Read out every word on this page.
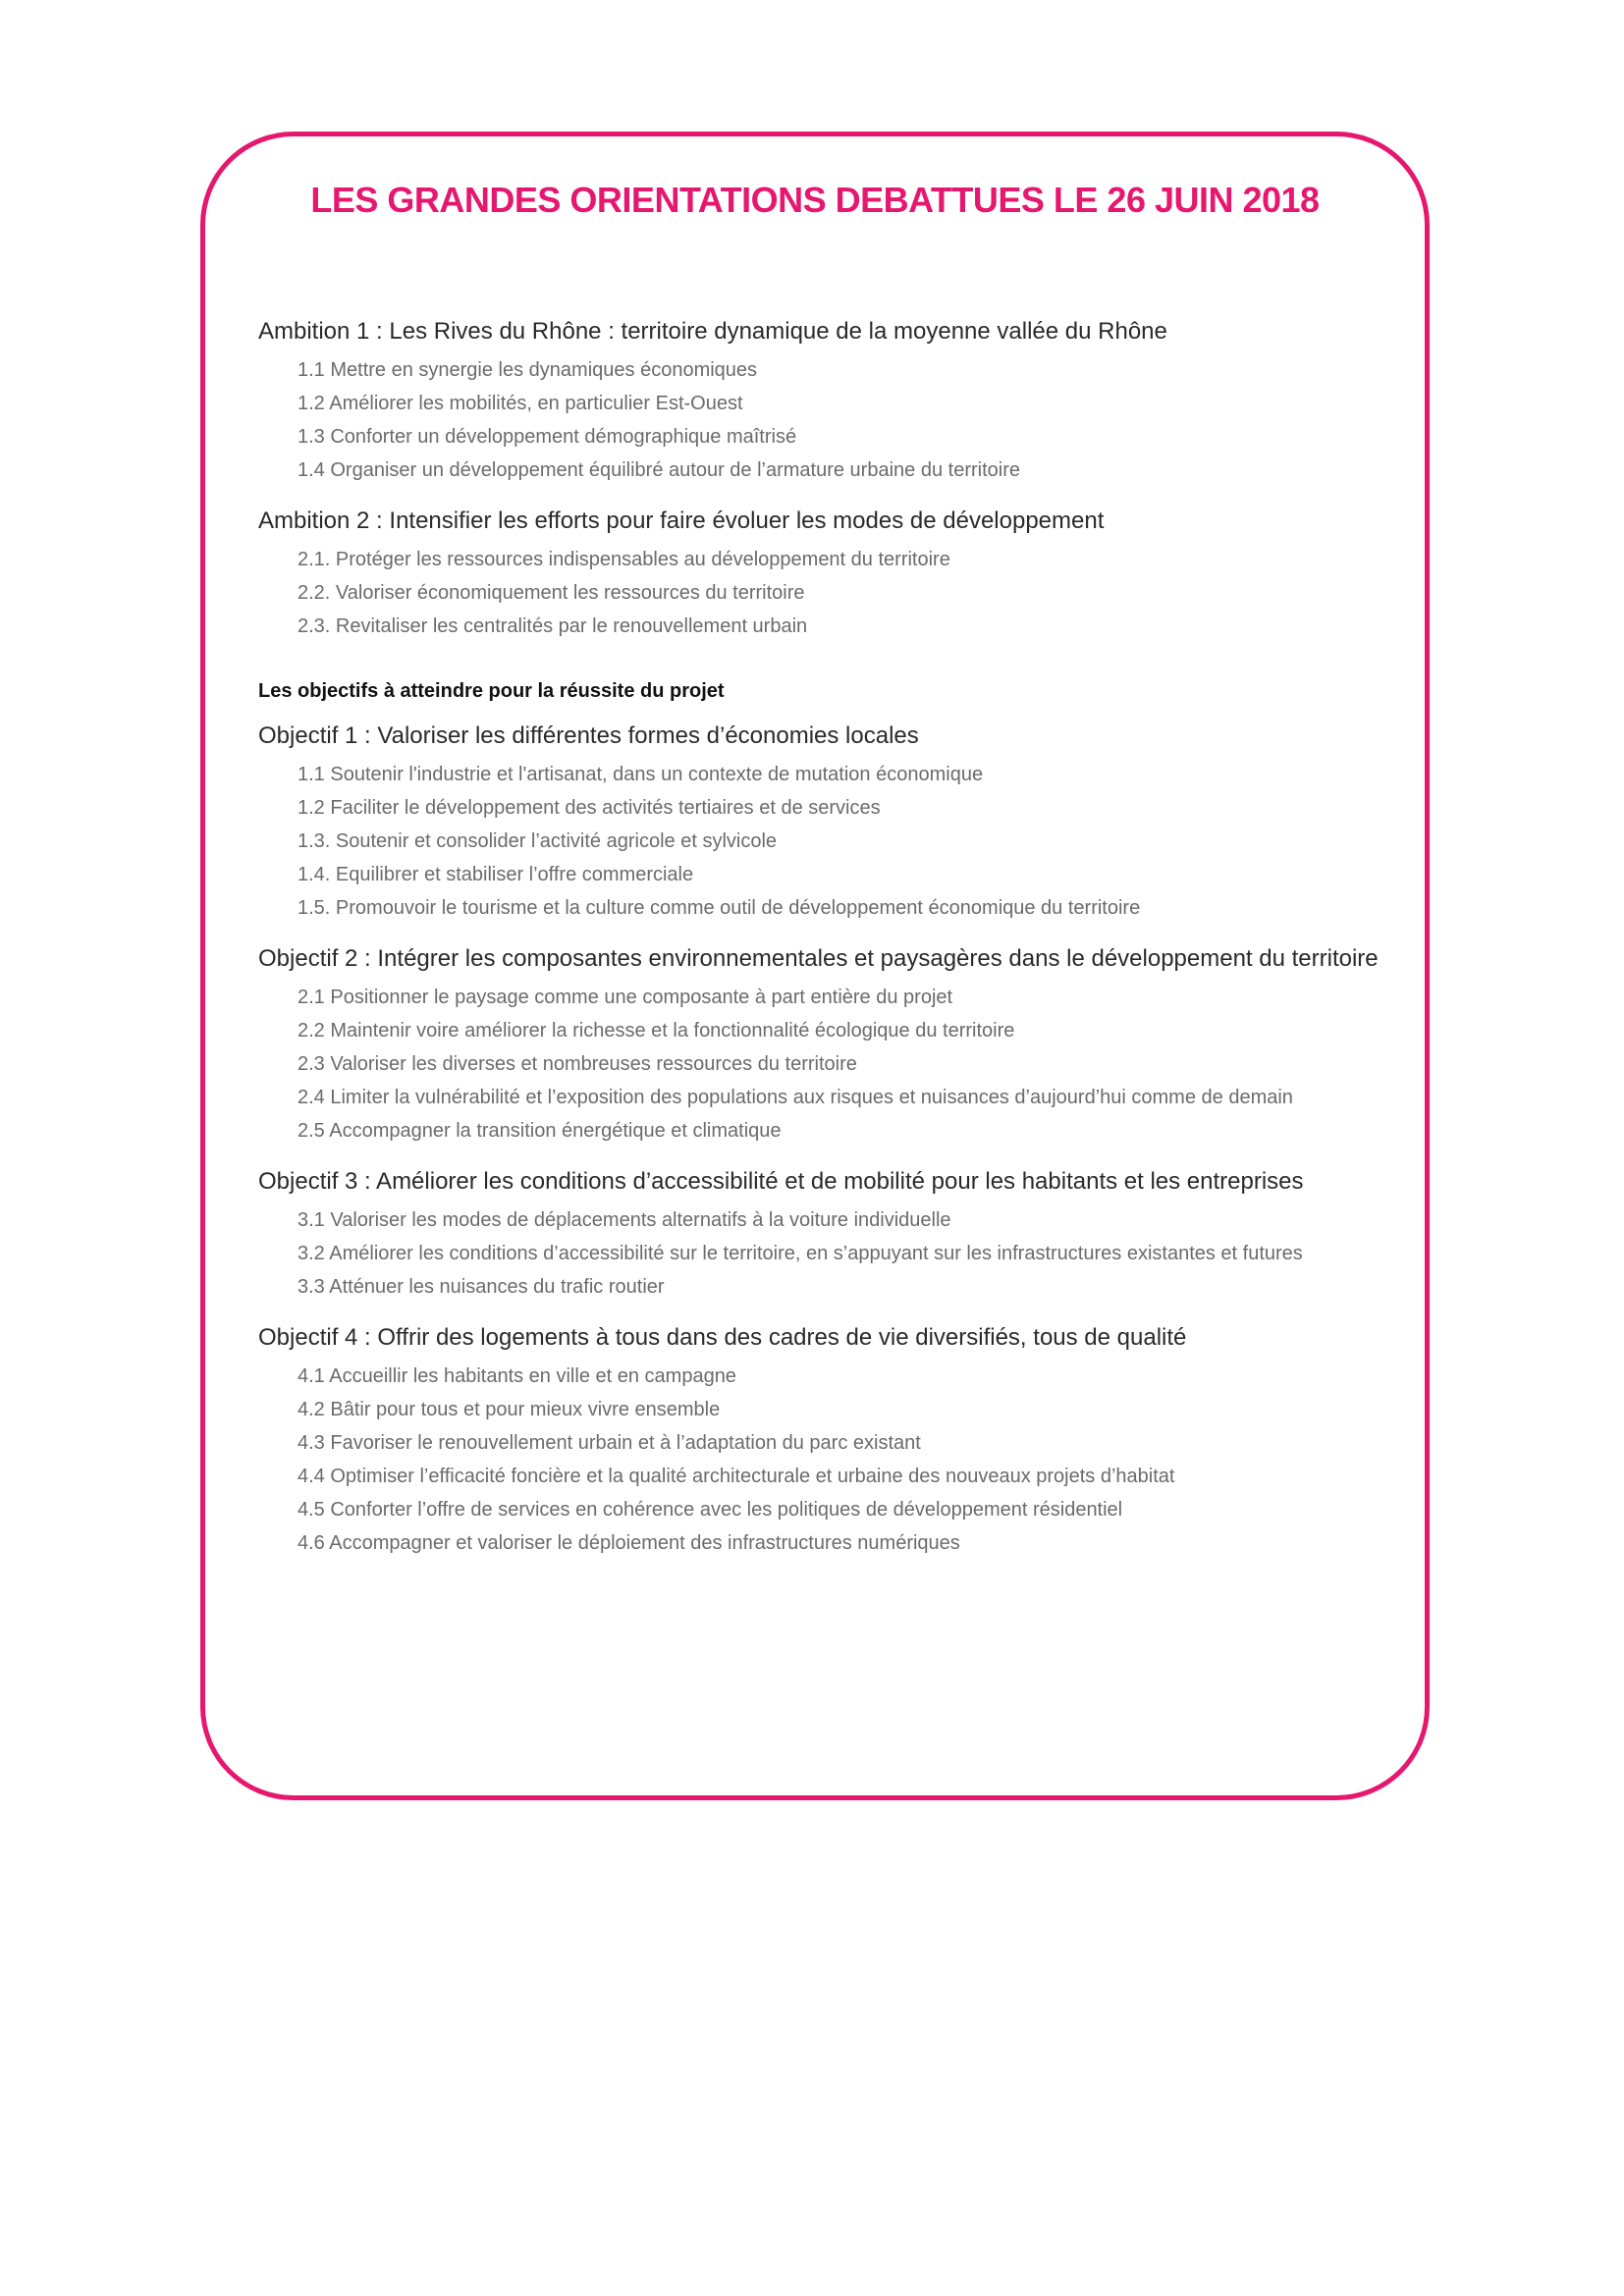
LES GRANDES ORIENTATIONS DEBATTUES LE 26 JUIN 2018

Ambition 1 : Les Rives du Rhône : territoire dynamique de la moyenne vallée du Rhône

1.1 Mettre en synergie les dynamiques économiques
1.2 Améliorer les mobilités, en particulier Est-Ouest
1.3 Conforter un développement démographique maîtrisé
1.4 Organiser un développement équilibré autour de l’armature urbaine du territoire

Ambition 2 : Intensifier les efforts pour faire évoluer les modes de développement

2.1. Protéger les ressources indispensables au développement du territoire
2.2. Valoriser économiquement les ressources du territoire
2.3. Revitaliser les centralités par le renouvellement urbain

Les objectifs à atteindre pour la réussite du projet

Objectif 1 : Valoriser les différentes formes d’économies locales

1.1 Soutenir l'industrie et l'artisanat, dans un contexte de mutation économique
1.2 Faciliter le développement des activités tertiaires et de services
1.3. Soutenir et consolider l’activité agricole et sylvicole
1.4. Equilibrer et stabiliser l’offre commerciale
1.5. Promouvoir le tourisme et la culture comme outil de développement économique du territoire

Objectif 2 : Intégrer les composantes environnementales et paysagères dans le développement du territoire

2.1 Positionner le paysage comme une composante à part entière du projet
2.2 Maintenir voire améliorer la richesse et la fonctionnalité écologique du territoire
2.3 Valoriser les diverses et nombreuses ressources du territoire
2.4 Limiter la vulnérabilité et l’exposition des populations aux risques et nuisances d’aujourd’hui comme de demain
2.5 Accompagner la transition énergétique et climatique

Objectif 3 : Améliorer les conditions d’accessibilité et de mobilité pour les habitants et les entreprises

3.1 Valoriser les modes de déplacements alternatifs à la voiture individuelle
3.2 Améliorer les conditions d’accessibilité sur le territoire, en s’appuyant sur les infrastructures existantes et futures
3.3 Atténuer les nuisances du trafic routier

Objectif 4 : Offrir des logements à tous dans des cadres de vie diversifiés, tous de qualité

4.1 Accueillir les habitants en ville et en campagne
4.2 Bâtir pour tous et pour mieux vivre ensemble
4.3 Favoriser le renouvellement urbain et à l’adaptation du parc existant
4.4 Optimiser l’efficacité foncière et la qualité architecturale et urbaine des nouveaux projets d’habitat
4.5 Conforter l’offre de services en cohérence avec les politiques de développement résidentiel
4.6 Accompagner et valoriser le déploiement des infrastructures numériques
